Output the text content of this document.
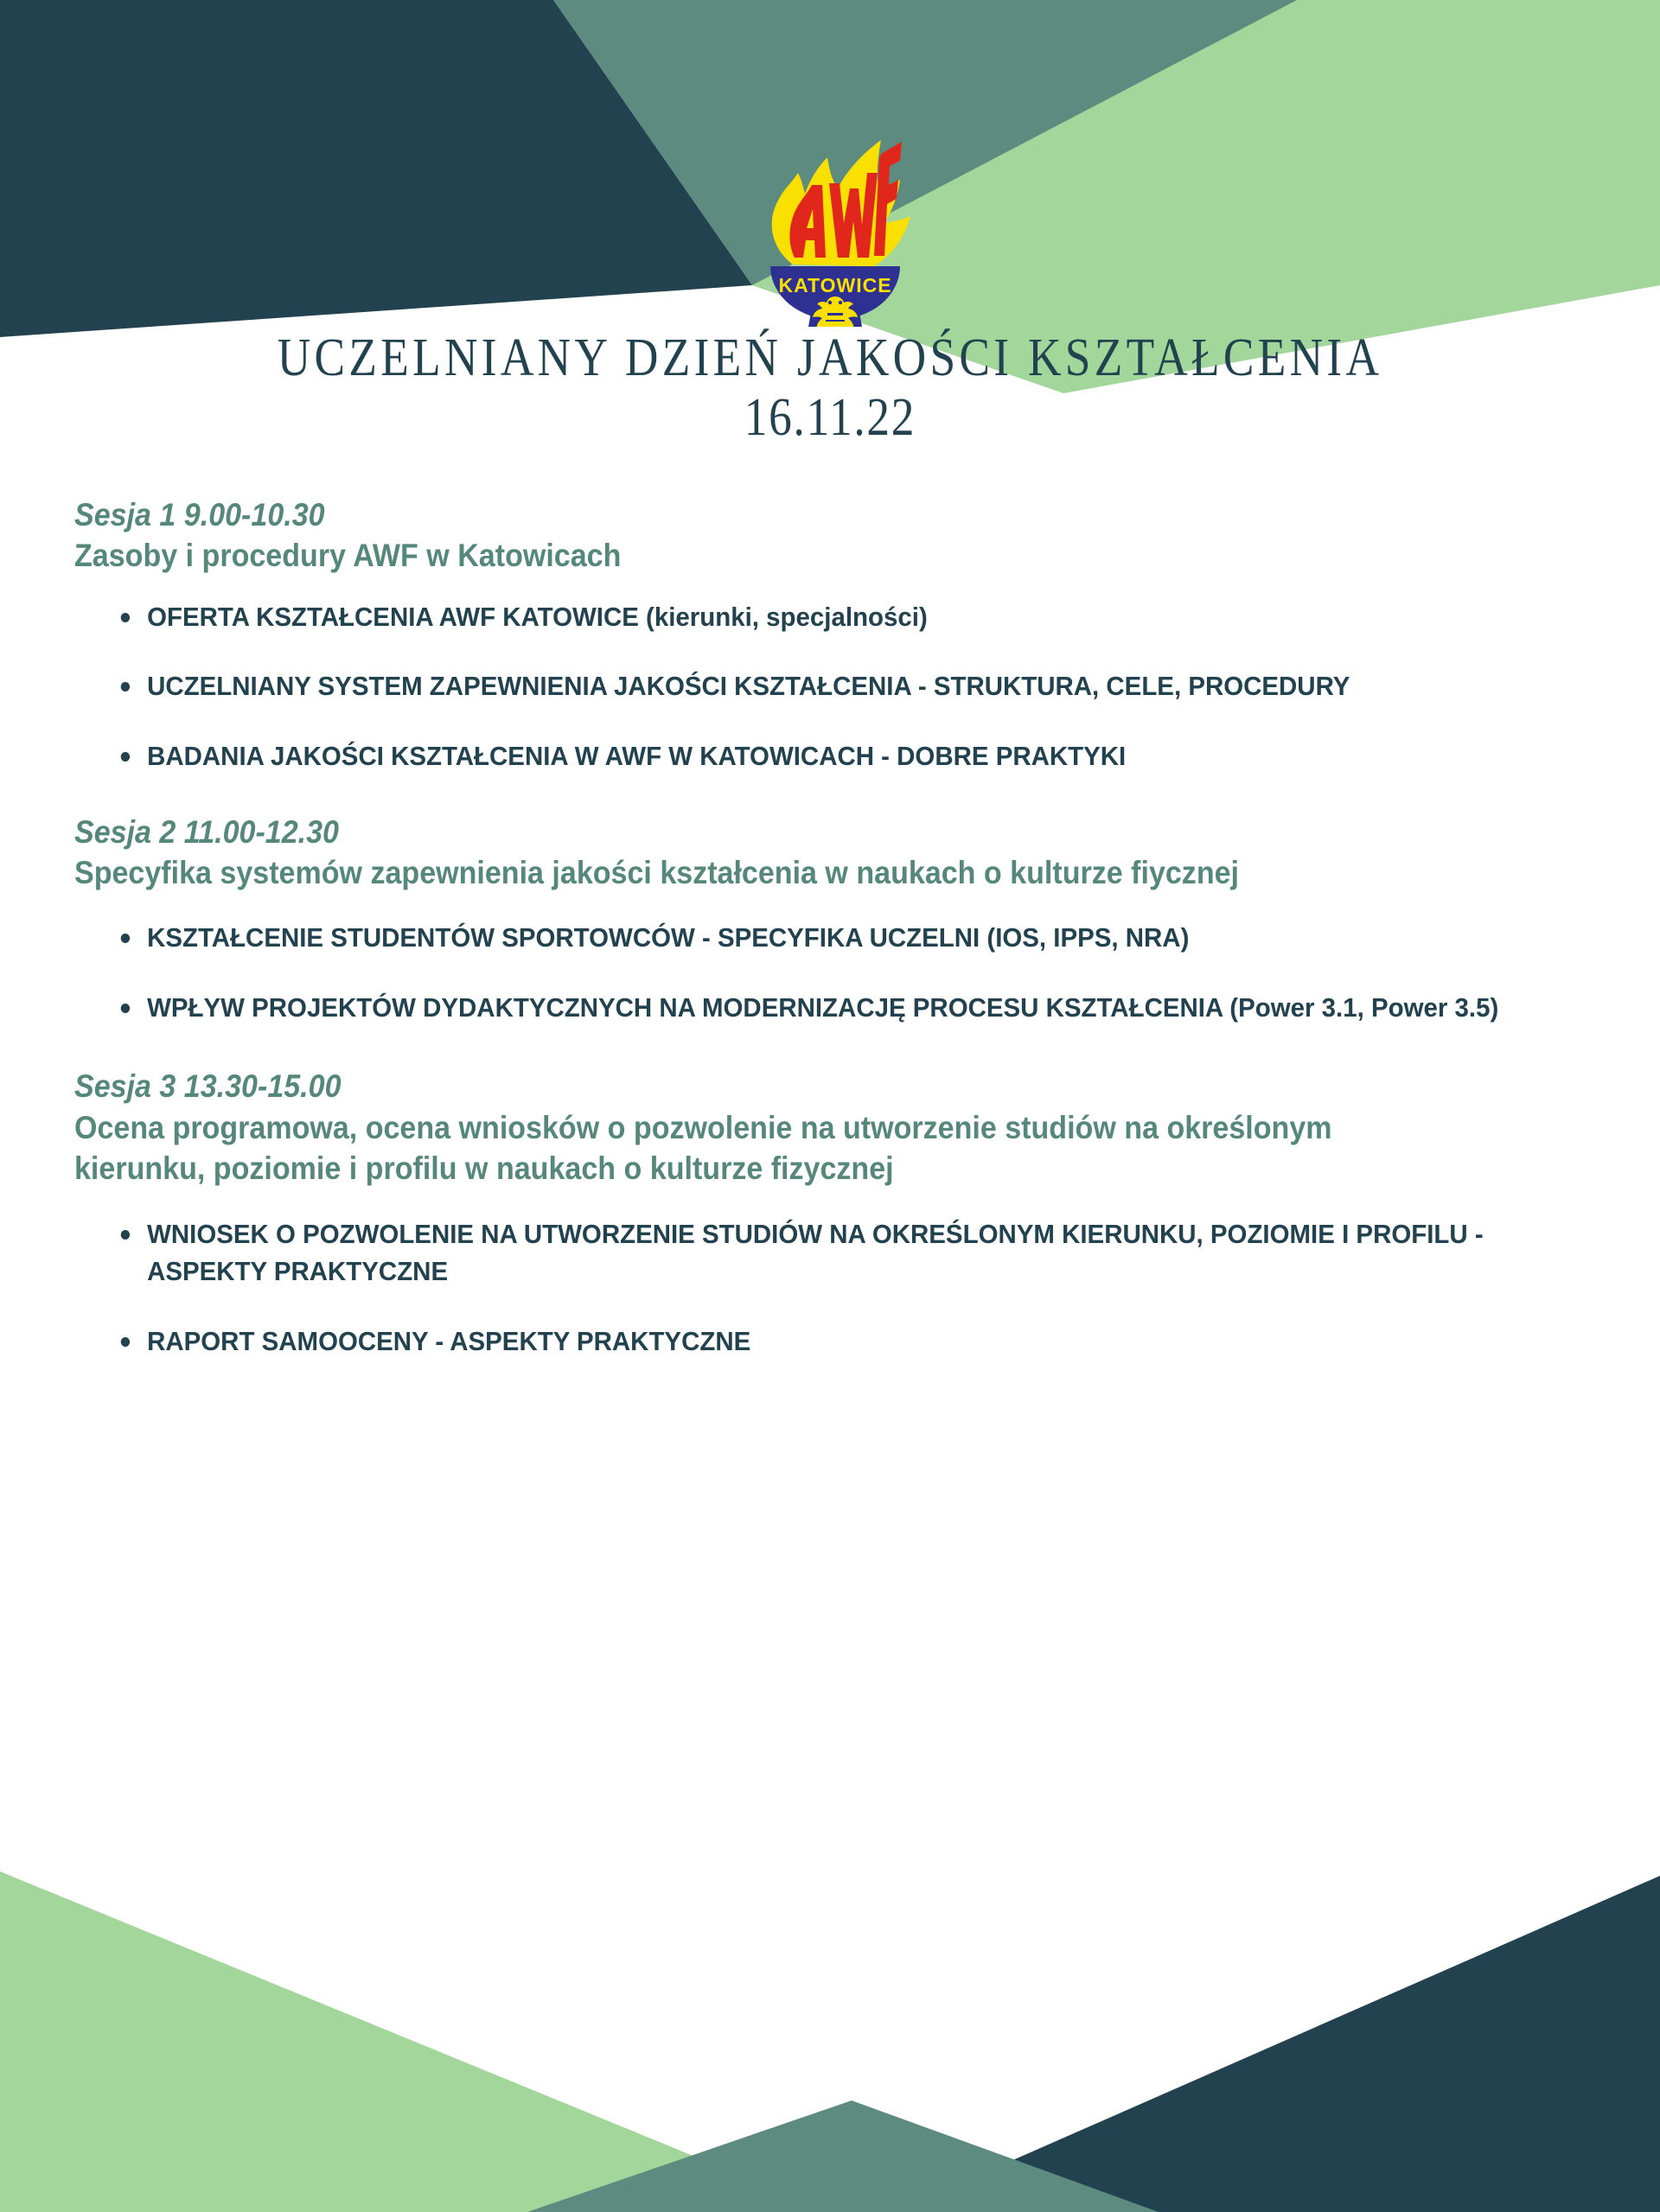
KATOWICE
UCZELNIANY DZIEŃ JAKOŚCI KSZTAŁCENIA
16.11.22
Sesja 1 9.00-10.30
Zasoby i procedury AWF w Katowicach
OFERTA KSZTAŁCENIA AWF KATOWICE (kierunki, specjalności)
UCZELNIANY SYSTEM ZAPEWNIENIA JAKOŚCI KSZTAŁCENIA - STRUKTURA, CELE, PROCEDURY
BADANIA JAKOŚCI KSZTAŁCENIA W AWF W KATOWICACH - DOBRE PRAKTYKI
Sesja 2 11.00-12.30
Specyfika systemów zapewnienia jakości kształcenia w naukach o kulturze fiycznej
KSZTAŁCENIE STUDENTÓW SPORTOWCÓW - SPECYFIKA UCZELNI (IOS, IPPS, NRA)
WPŁYW PROJEKTÓW DYDAKTYCZNYCH NA MODERNIZACJĘ PROCESU KSZTAŁCENIA (Power 3.1, Power 3.5)
Sesja 3 13.30-15.00
Ocena programowa, ocena wniosków o pozwolenie na utworzenie studiów na określonym kierunku, poziomie i profilu w naukach o kulturze fizycznej
WNIOSEK O POZWOLENIE NA UTWORZENIE STUDIÓW NA OKREŚLONYM KIERUNKU, POZIOMIE I PROFILU - ASPEKTY PRAKTYCZNE
RAPORT SAMOOCENY - ASPEKTY PRAKTYCZNE
